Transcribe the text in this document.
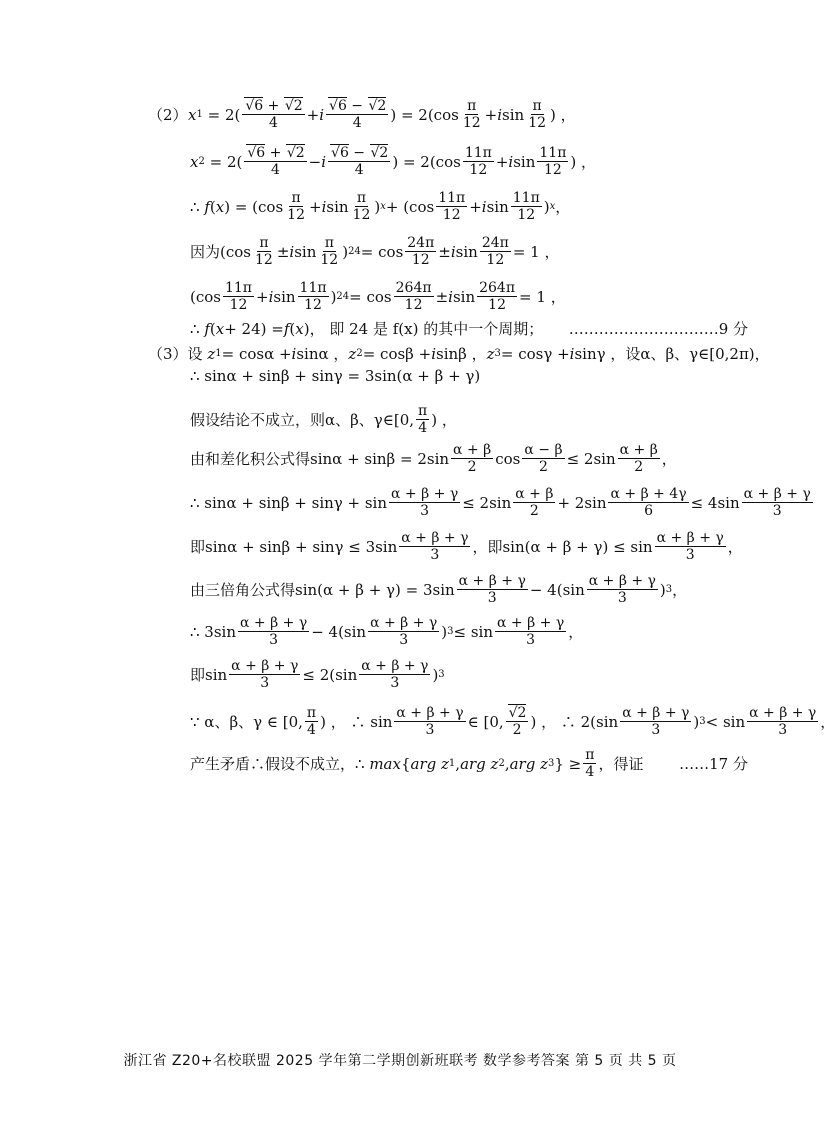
（2） x $1 = 2( \frac{√6 + √2}{4} + i \frac{√6 - √2}{4}$ ) = $2(\cos \frac{\pi}{12} + i$ $\sin \frac{\pi}{12}$ ) ，
x $2 = 2( \frac{√6 + √2}{4} - i \frac{√6 - √2}{4}$ ) = $2(\cos \frac{11\pi}{12} + i$ $\sin \frac{11\pi}{12}$ ) ，
∴ f ( x ) = ($\cos \frac{\pi}{12} + i$ $\sin \frac{\pi}{12}$ ) $x + (\cos \frac{11\pi}{12} + i$ $\sin \frac{11\pi}{12}$ ) x ，
因为 ($\cos \frac{\pi}{12} \pm i$ $\sin \frac{\pi}{12}$ ) $24 = \cos \frac{24\pi}{12} \pm i$ $\sin \frac{24\pi}{12} = 1$ ，
($\cos \frac{11\pi}{12} + i$ $\sin \frac{11\pi}{12}$ ) $24 = \cos \frac{264\pi}{12} \pm i$ $\sin \frac{264\pi}{12} = 1$ ，
∴ f ( x + 24) = f ( x )， 即 24 是 f(x) 的其中一个周期； …………………………9 分
（3） 设 z 1 = cosα + i sinα ， z 2 = cosβ + i sinβ ， z 3 = cosγ + i sinγ ， 设α、β、γ∈[0,2π)，
∴ sinα + sinβ + sinγ = 3sin(α + β + γ)
假设结论不成立，则α、β、γ∈[0, $\frac{\pi}{4}$ ) ，
由和差化积公式得 $\sin\alpha + \sin\beta = 2\sin \frac{\alpha + \beta}{2}$ $\cos \frac{\alpha - \beta}{2} \le 2\sin \frac{\alpha + \beta}{2}$ ，
∴ $\sin\alpha + \sin\beta + \sin\gamma + \sin \frac{\alpha + \beta + \gamma}{3} \le 2\sin \frac{\alpha + \beta}{2} + 2\sin \frac{\alpha + \beta + 4\gamma}{6} \le 4\sin \frac{\alpha + \beta + \gamma}{3}$
即 $\sin\alpha + \sin\beta + \sin\gamma \le 3\sin \frac{\alpha + \beta + \gamma}{3}$ ， 即 $\sin(\alpha + \beta + \gamma) \le \sin \frac{\alpha + \beta + \gamma}{3}$ ，
由三倍角公式得 $\sin(\alpha + \beta + \gamma) = 3\sin \frac{\alpha + \beta + \gamma}{3} - 4(\sin \frac{\alpha + \beta + \gamma}{3}$ ) 3 ，
∴ $3\sin \frac{\alpha + \beta + \gamma}{3} - 4(\sin \frac{\alpha + \beta + \gamma}{3}$ ) $3 \le \sin \frac{\alpha + \beta + \gamma}{3}$ ，
即 $\sin \frac{\alpha + \beta + \gamma}{3} \le 2(\sin \frac{\alpha + \beta + \gamma}{3}$ ) 3
∵ α、β、γ ∈ [0, $\frac{\pi}{4}$ ) ， ∴ $\sin \frac{\alpha + \beta + \gamma}{3}$ ∈ [0, $\frac{√2}{2}$ ) ， ∴ $2(\sin \frac{\alpha + \beta + \gamma}{3}$ ) $3 < \sin \frac{\alpha + \beta + \gamma}{3}$ ，
产生矛盾∴假设不成立， ∴ max { arg z 1 , arg z 2 , arg z 3 } ≥ $\frac{\pi}{4}$ ， 得证 ……17 分
浙江省 Z20+名校联盟 2025 学年第二学期创新班联考 数学参考答案 第 5 页 共 5 页
